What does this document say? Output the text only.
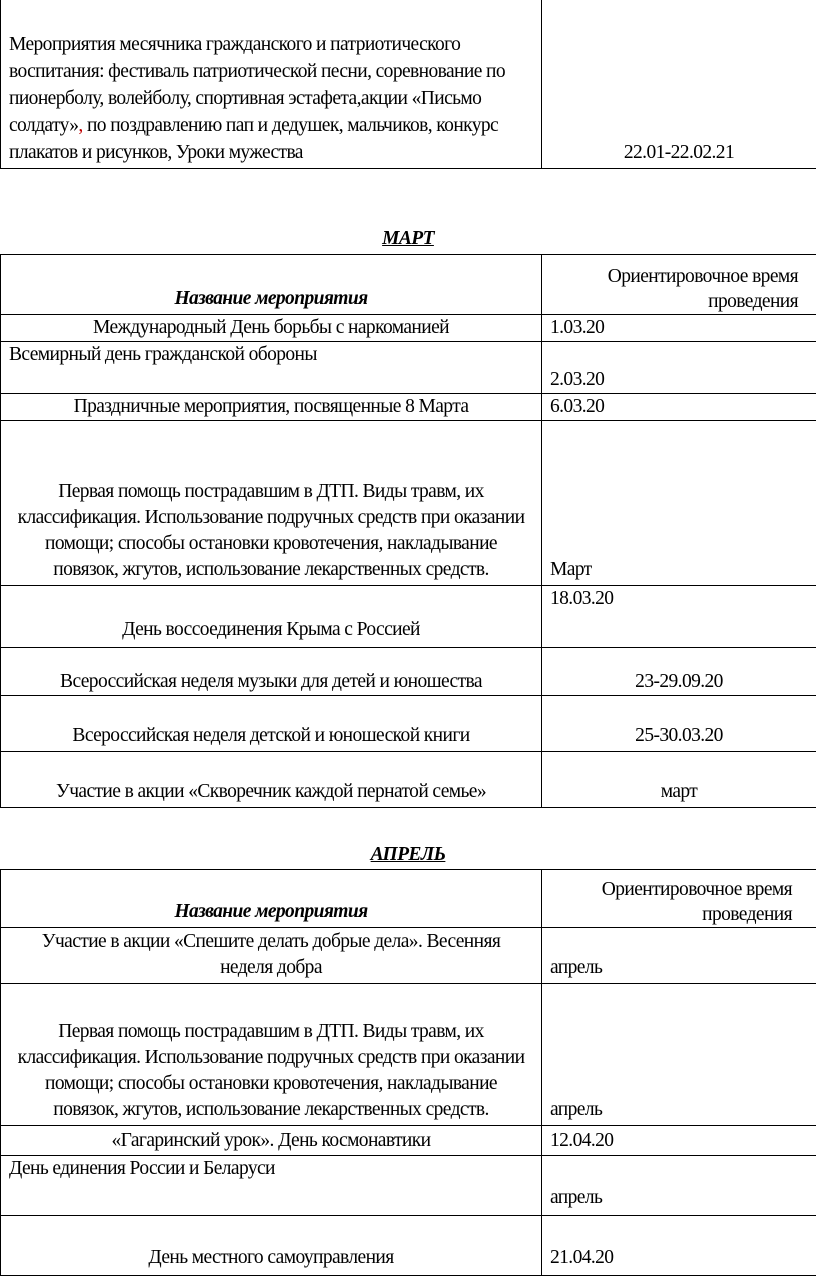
Мероприятия месячника гражданского и патриотического воспитания: фестиваль патриотической песни, соревнование по пионерболу, волейболу, спортивная эстафета,акции «Письмо солдату», по поздравлению пап и дедушек, мальчиков, конкурс плакатов и рисунков, Уроки мужества	22.01-22.02.21
МАРТ
Название мероприятия	Ориентировочное время проведения
Международный День борьбы с наркоманией	1.03.20
Всемирный день гражданской обороны	2.03.20
Праздничные мероприятия, посвященные 8 Марта	6.03.20
Первая помощь пострадавшим в ДТП. Виды травм, их классификация. Использование подручных средств при оказании помощи; способы остановки кровотечения, накладывание повязок, жгутов, использование лекарственных средств.	Март
День воссоединения Крыма с Россией	18.03.20
Всероссийская неделя музыки для детей и юношества	23-29.09.20
Всероссийская неделя детской и юношеской книги	25-30.03.20
Участие в акции «Скворечник каждой пернатой семье»	март
АПРЕЛЬ
Название мероприятия	Ориентировочное время проведения
Участие в акции «Спешите делать добрые дела». Весенняя неделя добра	апрель
Первая помощь пострадавшим в ДТП. Виды травм, их классификация. Использование подручных средств при оказании помощи; способы остановки кровотечения, накладывание повязок, жгутов, использование лекарственных средств.	апрель
«Гагаринский урок». День космонавтики	12.04.20
День единения России и Беларуси	апрель
День местного самоуправления	21.04.20
